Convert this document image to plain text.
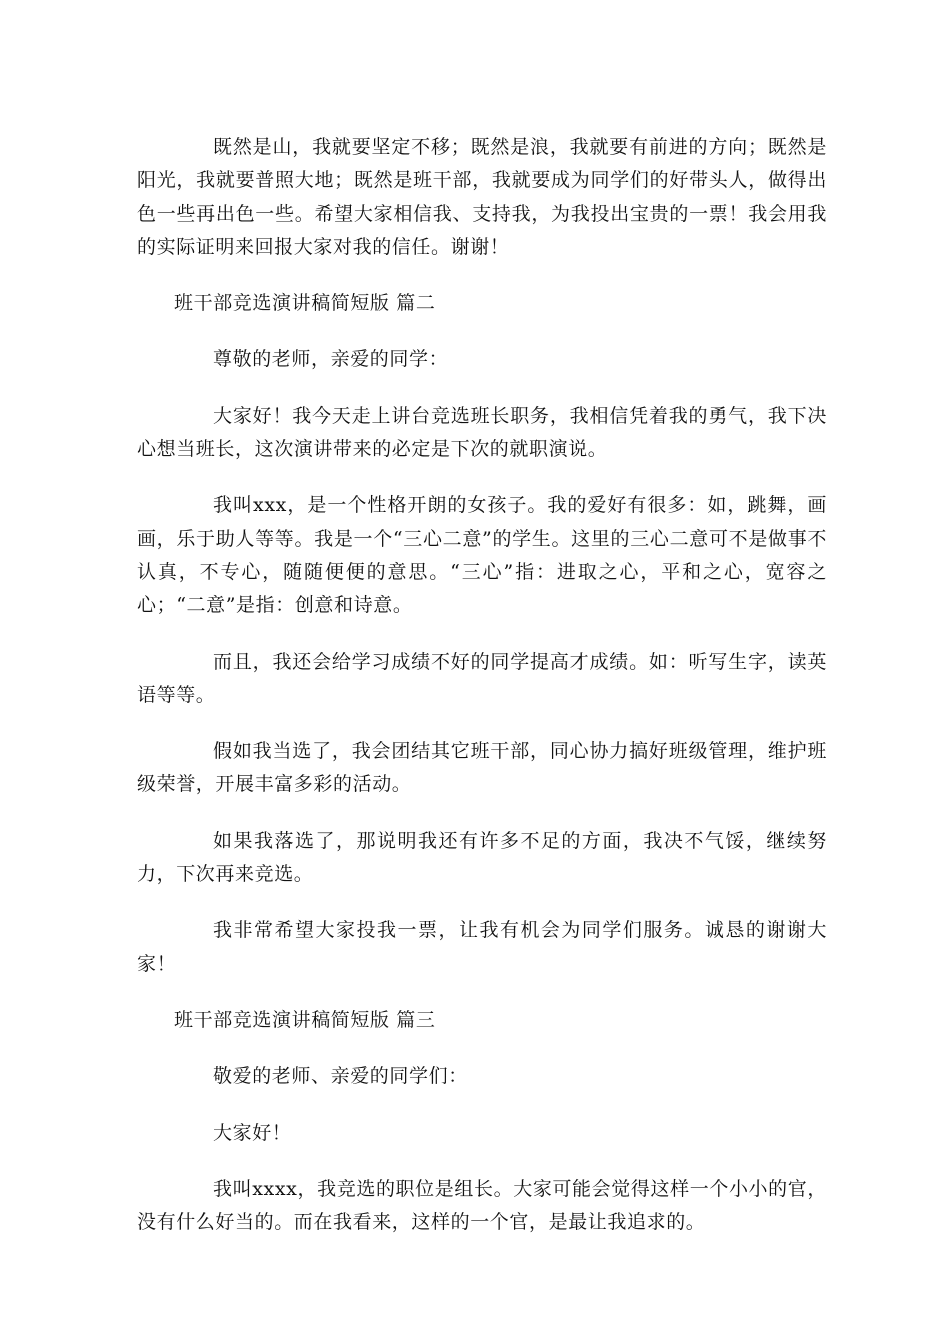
既然是山，我就要坚定不移；既然是浪，我就要有前进的方向；既然是阳光，我就要普照大地；既然是班干部，我就要成为同学们的好带头人，做得出色一些再出色一些。希望大家相信我、支持我，为我投出宝贵的一票！我会用我的实际证明来回报大家对我的信任。谢谢！

班干部竞选演讲稿简短版 篇二

尊敬的老师，亲爱的同学：

大家好！我今天走上讲台竞选班长职务，我相信凭着我的勇气，我下决心想当班长，这次演讲带来的必定是下次的就职演说。

我叫xxx，是一个性格开朗的女孩子。我的爱好有很多：如，跳舞，画画，乐于助人等等。我是一个“三心二意”的学生。这里的三心二意可不是做事不认真，不专心，随随便便的意思。“三心”指：进取之心，平和之心，宽容之心；“二意”是指：创意和诗意。

而且，我还会给学习成绩不好的同学提高才成绩。如：听写生字，读英语等等。

假如我当选了，我会团结其它班干部，同心协力搞好班级管理，维护班级荣誉，开展丰富多彩的活动。

如果我落选了，那说明我还有许多不足的方面，我决不气馁，继续努力，下次再来竞选。

我非常希望大家投我一票，让我有机会为同学们服务。诚恳的谢谢大家！

班干部竞选演讲稿简短版 篇三

敬爱的老师、亲爱的同学们：

大家好！

我叫xxxx，我竞选的职位是组长。大家可能会觉得这样一个小小的官，没有什么好当的。而在我看来，这样的一个官，是最让我追求的。
